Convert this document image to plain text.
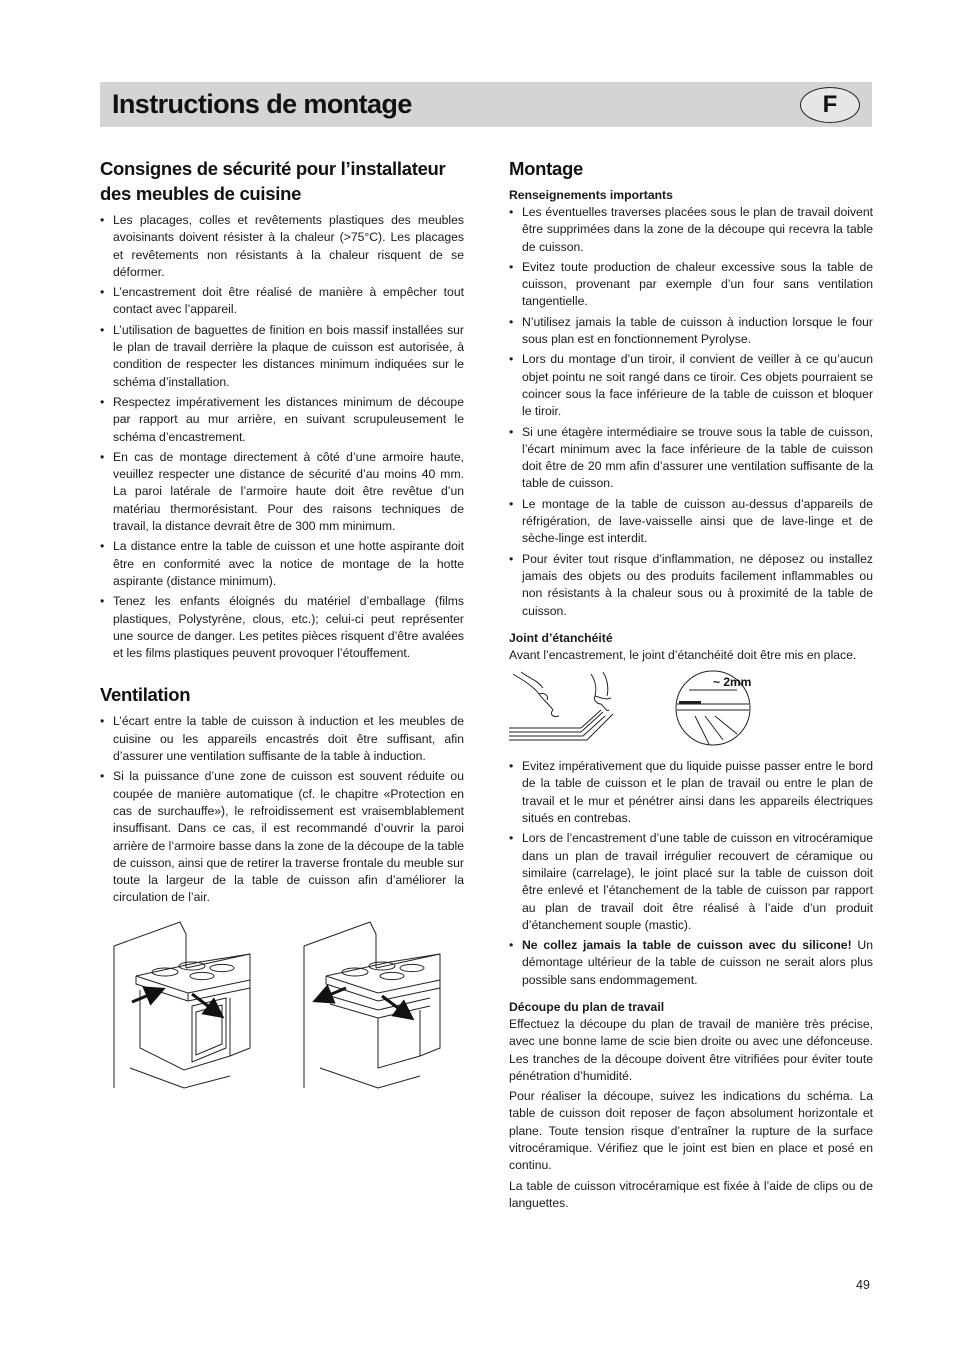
Instructions de montage	F
Consignes de sécurité pour l’installateur des meubles de cuisine
• Les placages, colles et revêtements plastiques des meubles avoisinants doivent résister à la chaleur (>75°C). Les placages et revêtements non résistants à la chaleur risquent de se déformer.
• L’encastrement doit être réalisé de manière à empêcher tout contact avec l’appareil.
• L’utilisation de baguettes de finition en bois massif installées sur le plan de travail derrière la plaque de cuisson est autorisée, à condition de respecter les distances minimum indiquées sur le schéma d’installation.
• Respectez impérativement les distances minimum de découpe par rapport au mur arrière, en suivant scrupuleusement le schéma d’encastrement.
• En cas de montage directement à côté d’une armoire haute, veuillez respecter une distance de sécurité d’au moins 40 mm. La paroi latérale de l’armoire haute doit être revêtue d’un matériau thermorésistant. Pour des raisons techniques de travail, la distance devrait être de 300 mm minimum.
• La distance entre la table de cuisson et une hotte aspirante doit être en conformité avec la notice de montage de la hotte aspirante (distance minimum).
• Tenez les enfants éloignés du matériel d’emballage (films plastiques, Polystyrène, clous, etc.); celui-ci peut représenter une source de danger. Les petites pièces risquent d’être avalées et les films plastiques peuvent provoquer l’étouffement.
Ventilation
• L’écart entre la table de cuisson à induction et les meubles de cuisine ou les appareils encastrés doit être suffisant, afin d’assurer une ventilation suffisante de la table à induction.
• Si la puissance d’une zone de cuisson est souvent réduite ou coupée de manière automatique (cf. le chapitre «Protection en cas de surchauffe»), le refroidissement est vraisemblablement insuffisant. Dans ce cas, il est recommandé d’ouvrir la paroi arrière de l’armoire basse dans la zone de la découpe de la table de cuisson, ainsi que de retirer la traverse frontale du meuble sur toute la largeur de la table de cuisson afin d’améliorer la circulation de l’air.
Montage
Renseignements importants
• Les éventuelles traverses placées sous le plan de travail doivent être supprimées dans la zone de la découpe qui recevra la table de cuisson.
• Evitez toute production de chaleur excessive sous la table de cuisson, provenant par exemple d’un four sans ventilation tangentielle.
• N’utilisez jamais la table de cuisson à induction lorsque le four sous plan est en fonctionnement Pyrolyse.
• Lors du montage d’un tiroir, il convient de veiller à ce qu’aucun objet pointu ne soit rangé dans ce tiroir. Ces objets pourraient se coincer sous la face inférieure de la table de cuisson et bloquer le tiroir.
• Si une étagère intermédiaire se trouve sous la table de cuisson, l’écart minimum avec la face inférieure de la table de cuisson doit être de 20 mm afin d’assurer une ventilation suffisante de la table de cuisson.
• Le montage de la table de cuisson au-dessus d’appareils de réfrigération, de lave-vaisselle ainsi que de lave-linge et de sèche-linge est interdit.
• Pour éviter tout risque d’inflammation, ne déposez ou installez jamais des objets ou des produits facilement inflammables ou non résistants à la chaleur sous ou à proximité de la table de cuisson.
Joint d’étanchéité

Avant l’encastrement, le joint d’étanchéité doit être mis en place.

~ 2mm
• Evitez impérativement que du liquide puisse passer entre le bord de la table de cuisson et le plan de travail ou entre le plan de travail et le mur et pénétrer ainsi dans les appareils électriques situés en contrebas.
• Lors de l’encastrement d’une table de cuisson en vitrocéramique dans un plan de travail irrégulier recouvert de céramique ou similaire (carrelage), le joint placé sur la table de cuisson doit être enlevé et l’étanchement de la table de cuisson par rapport au plan de travail doit être réalisé à l’aide d’un produit d’étanchement souple (mastic).
• Ne collez jamais la table de cuisson avec du silicone! Un démontage ultérieur de la table de cuisson ne serait alors plus possible sans endommagement.
Découpe du plan de travail

Effectuez la découpe du plan de travail de manière très précise, avec une bonne lame de scie bien droite ou avec une défonceuse. Les tranches de la découpe doivent être vitrifiées pour éviter toute pénétration d’humidité.

Pour réaliser la découpe, suivez les indications du schéma. La table de cuisson doit reposer de façon absolument horizontale et plane. Toute tension risque d’entraîner la rupture de la surface vitrocéramique. Vérifiez que le joint est bien en place et posé en continu.

La table de cuisson vitrocéramique est fixée à l’aide de clips ou de languettes.

49
